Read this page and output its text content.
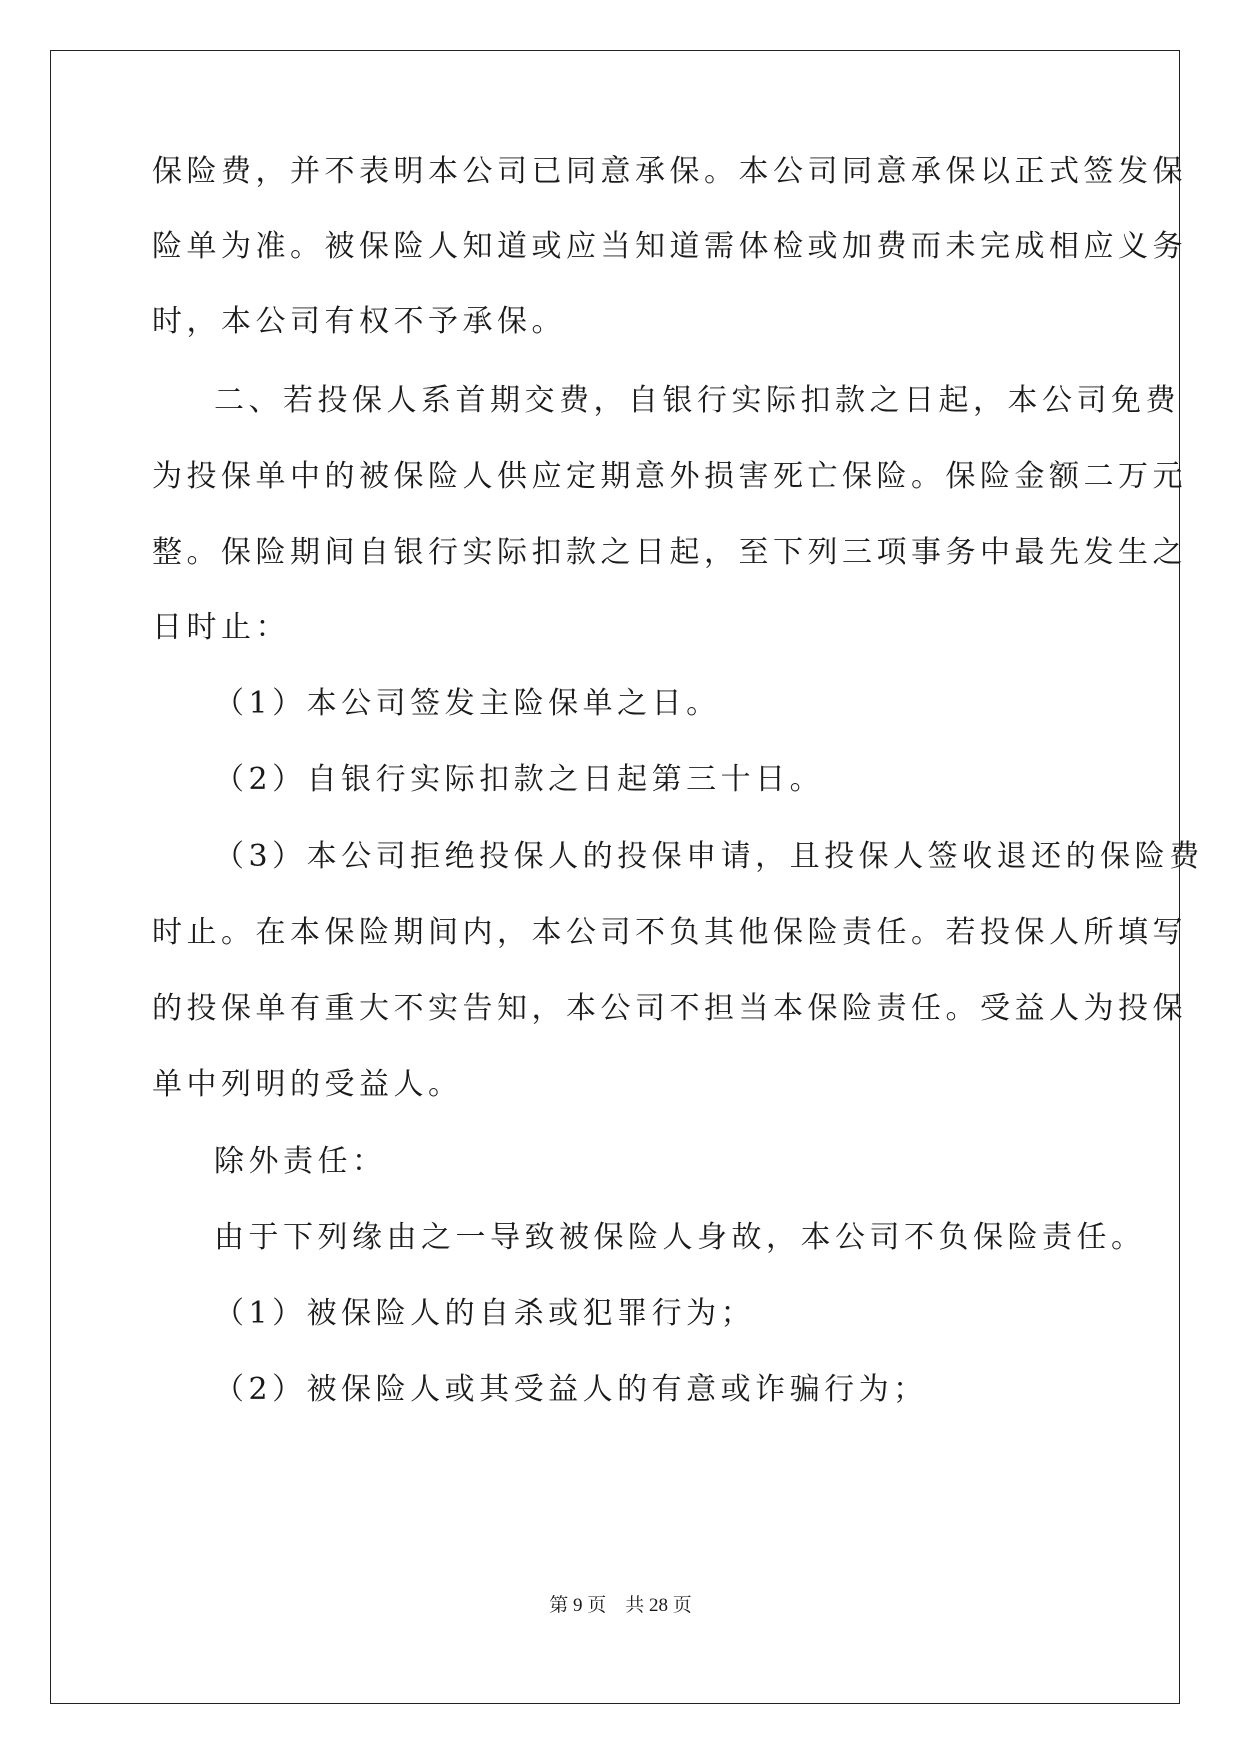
保险费，并不表明本公司已同意承保。本公司同意承保以正式签发保
险单为准。被保险人知道或应当知道需体检或加费而未完成相应义务
时，本公司有权不予承保。
二、若投保人系首期交费，自银行实际扣款之日起，本公司免费
为投保单中的被保险人供应定期意外损害死亡保险。保险金额二万元
整。保险期间自银行实际扣款之日起，至下列三项事务中最先发生之
日时止：
（1）本公司签发主险保单之日。
（2）自银行实际扣款之日起第三十日。
（3）本公司拒绝投保人的投保申请，且投保人签收退还的保险费
时止。在本保险期间内，本公司不负其他保险责任。若投保人所填写
的投保单有重大不实告知，本公司不担当本保险责任。受益人为投保
单中列明的受益人。
除外责任：
由于下列缘由之一导致被保险人身故，本公司不负保险责任。
（1）被保险人的自杀或犯罪行为；
（2）被保险人或其受益人的有意或诈骗行为；
第 9 页　共 28 页
